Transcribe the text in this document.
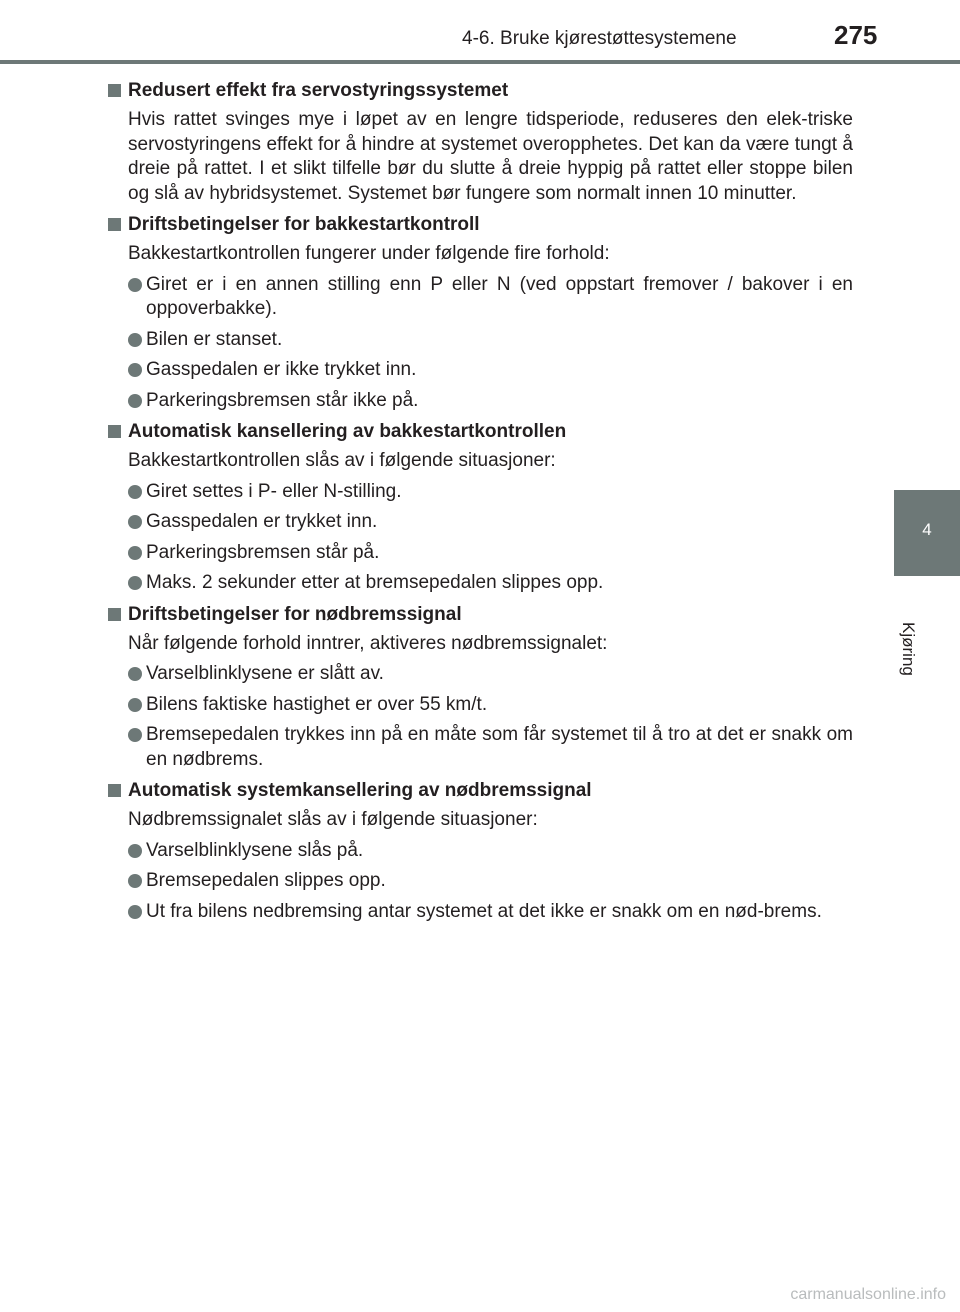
4-6. Bruke kjørestøttesystemene	275
4
Kjøring
Redusert effekt fra servostyringssystemet
Hvis rattet svinges mye i løpet av en lengre tidsperiode, reduseres den elek-triske servostyringens effekt for å hindre at systemet overopphetes. Det kan da være tungt å dreie på rattet. I et slikt tilfelle bør du slutte å dreie hyppig på rattet eller stoppe bilen og slå av hybridsystemet. Systemet bør fungere som normalt innen 10 minutter.
Driftsbetingelser for bakkestartkontroll
Bakkestartkontrollen fungerer under følgende fire forhold:
Giret er i en annen stilling enn P eller N (ved oppstart fremover / bakover i en oppoverbakke).
Bilen er stanset.
Gasspedalen er ikke trykket inn.
Parkeringsbremsen står ikke på.
Automatisk kansellering av bakkestartkontrollen
Bakkestartkontrollen slås av i følgende situasjoner:
Giret settes i P- eller N-stilling.
Gasspedalen er trykket inn.
Parkeringsbremsen står på.
Maks. 2 sekunder etter at bremsepedalen slippes opp.
Driftsbetingelser for nødbremssignal
Når følgende forhold inntrer, aktiveres nødbremssignalet:
Varselblinklysene er slått av.
Bilens faktiske hastighet er over 55 km/t.
Bremsepedalen trykkes inn på en måte som får systemet til å tro at det er snakk om en nødbrems.
Automatisk systemkansellering av nødbremssignal
Nødbremssignalet slås av i følgende situasjoner:
Varselblinklysene slås på.
Bremsepedalen slippes opp.
Ut fra bilens nedbremsing antar systemet at det ikke er snakk om en nød-brems.
carmanualsonline.info
